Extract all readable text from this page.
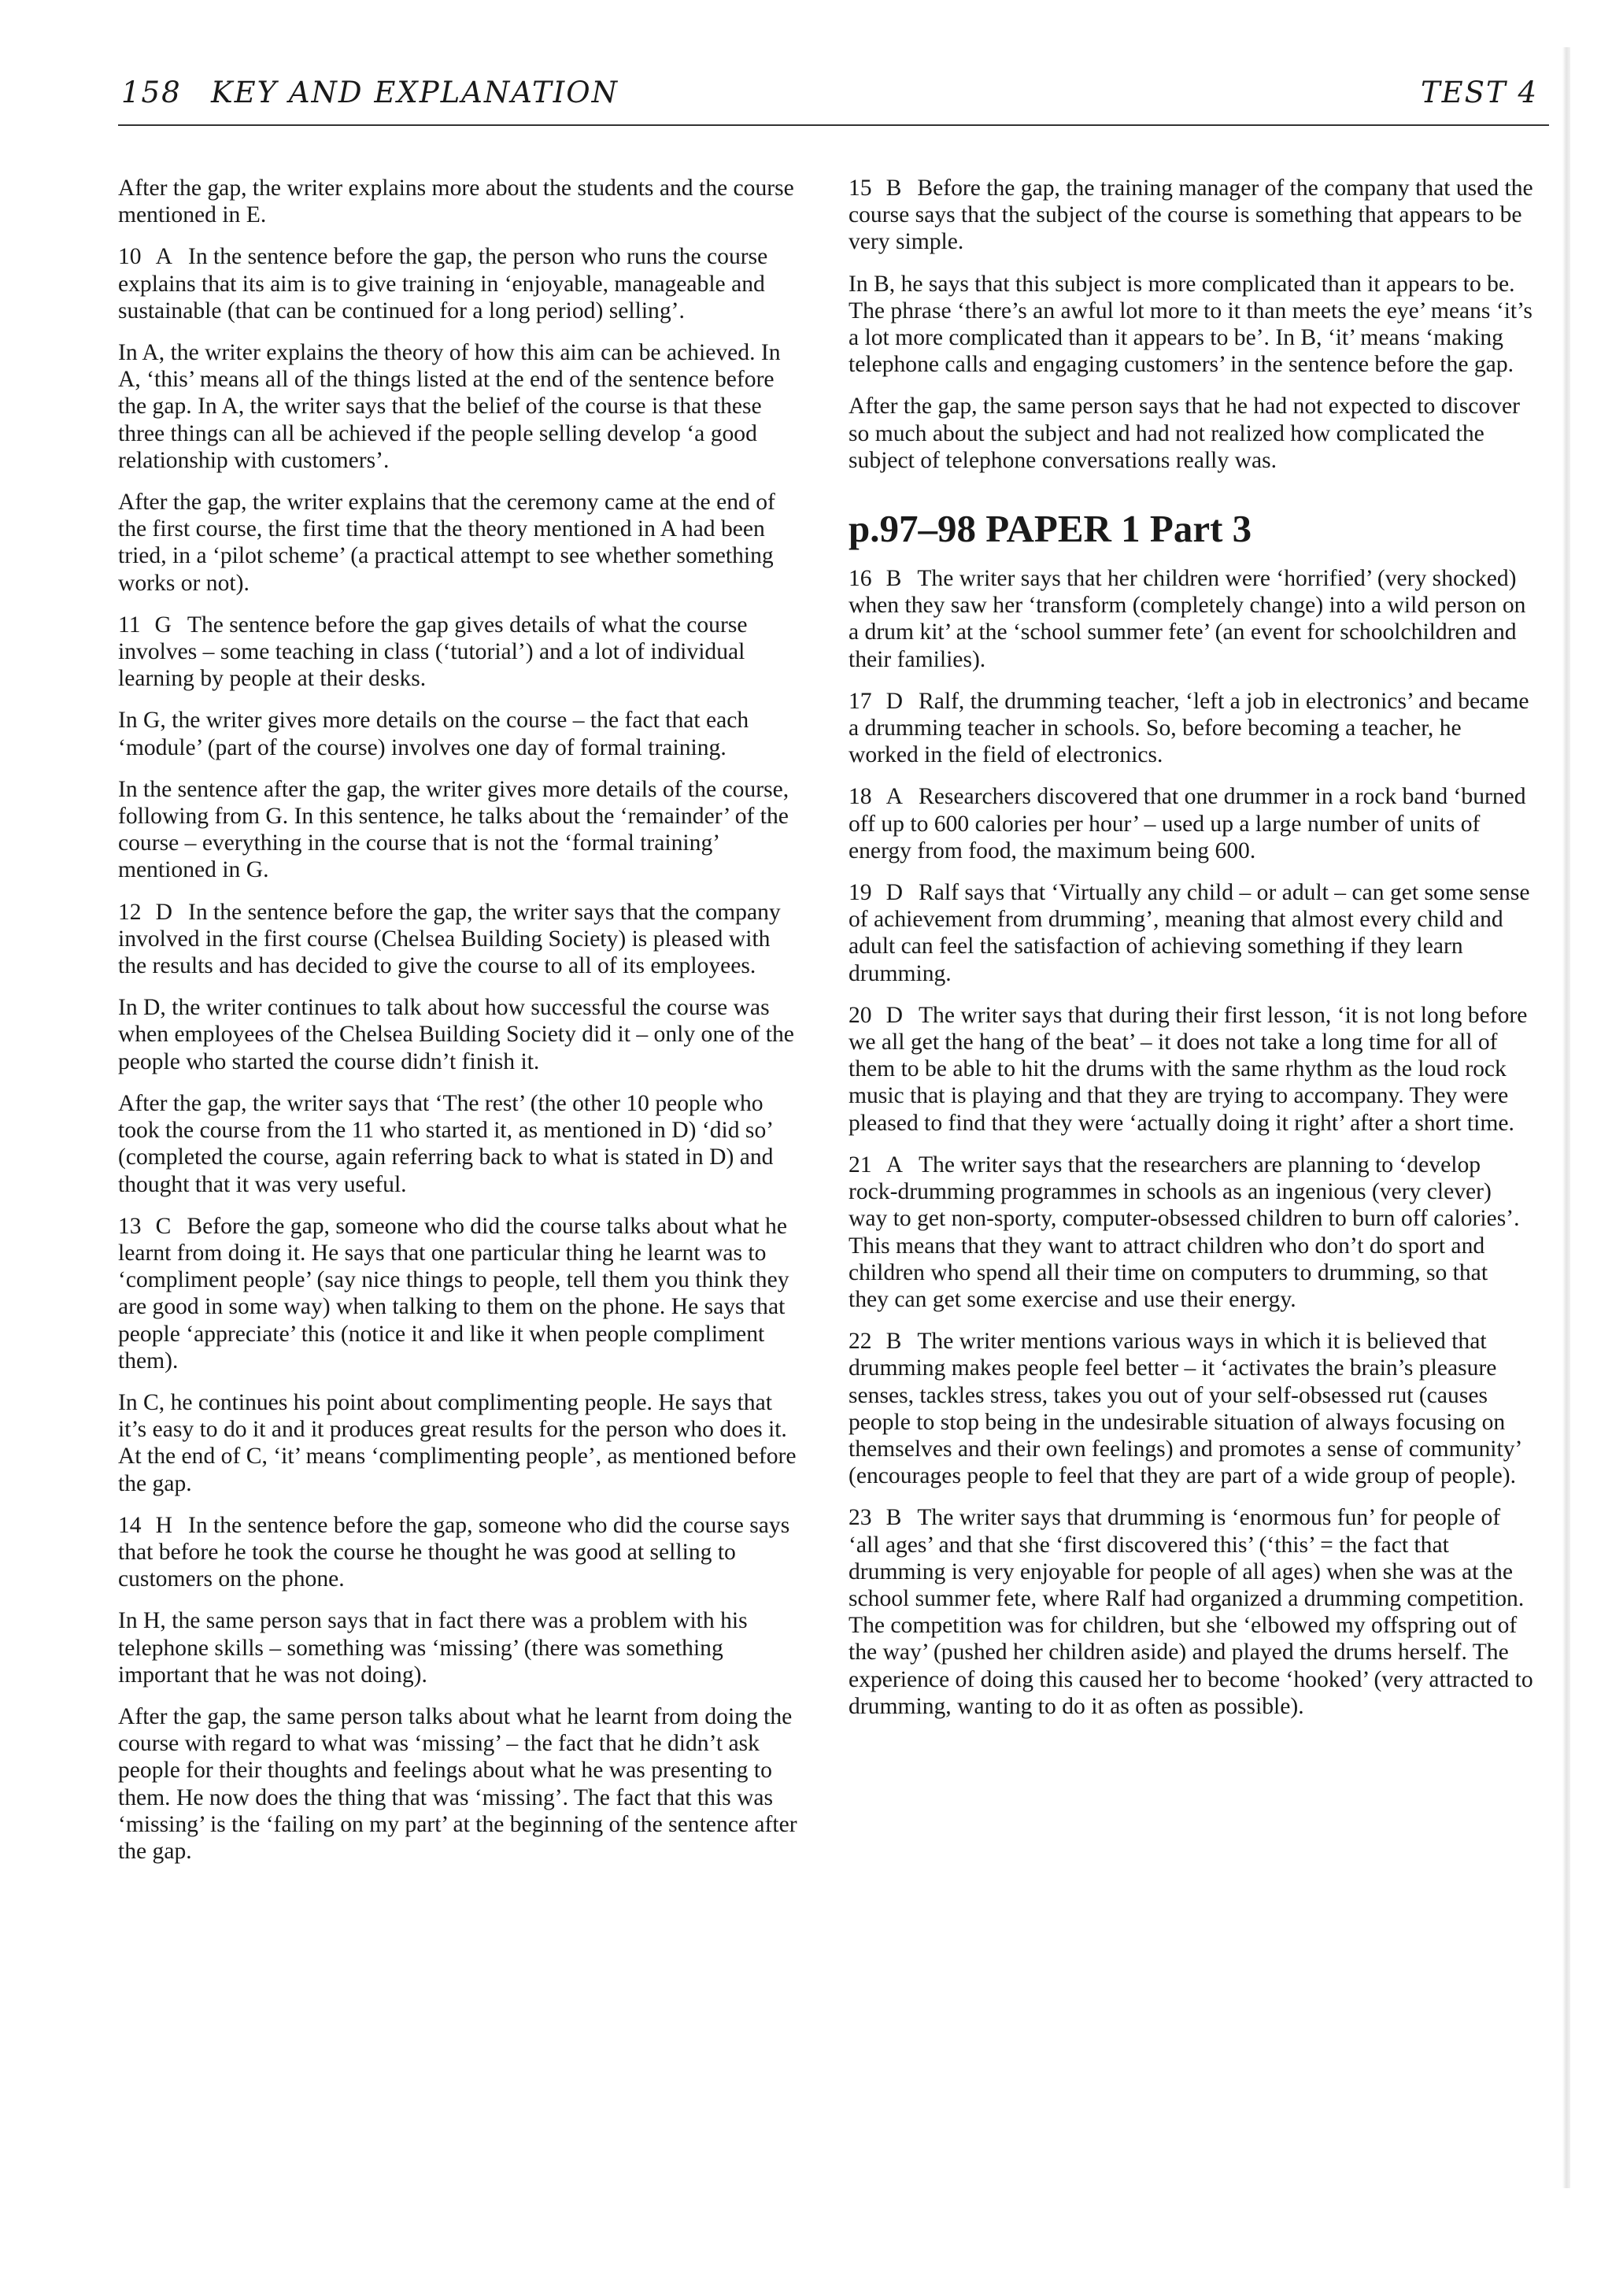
158 KEY AND EXPLANATION	TEST 4

After the gap, the writer explains more about the students and the course mentioned in E.

10 A In the sentence before the gap, the person who runs the course explains that its aim is to give training in ‘enjoyable, manageable and sustainable (that can be continued for a long period) selling’.

In A, the writer explains the theory of how this aim can be achieved. In A, ‘this’ means all of the things listed at the end of the sentence before the gap. In A, the writer says that the belief of the course is that these three things can all be achieved if the people selling develop ‘a good relationship with customers’.

After the gap, the writer explains that the ceremony came at the end of the first course, the first time that the theory mentioned in A had been tried, in a ‘pilot scheme’ (a practical attempt to see whether something works or not).

11 G The sentence before the gap gives details of what the course involves – some teaching in class (‘tutorial’) and a lot of individual learning by people at their desks.

In G, the writer gives more details on the course – the fact that each ‘module’ (part of the course) involves one day of formal training.

In the sentence after the gap, the writer gives more details of the course, following from G. In this sentence, he talks about the ‘remainder’ of the course – everything in the course that is not the ‘formal training’ mentioned in G.

12 D In the sentence before the gap, the writer says that the company involved in the first course (Chelsea Building Society) is pleased with the results and has decided to give the course to all of its employees.

In D, the writer continues to talk about how successful the course was when employees of the Chelsea Building Society did it – only one of the people who started the course didn’t finish it.

After the gap, the writer says that ‘The rest’ (the other 10 people who took the course from the 11 who started it, as mentioned in D) ‘did so’ (completed the course, again referring back to what is stated in D) and thought that it was very useful.

13 C Before the gap, someone who did the course talks about what he learnt from doing it. He says that one particular thing he learnt was to ‘compliment people’ (say nice things to people, tell them you think they are good in some way) when talking to them on the phone. He says that people ‘appreciate’ this (notice it and like it when people compliment them).

In C, he continues his point about complimenting people. He says that it’s easy to do it and it produces great results for the person who does it. At the end of C, ‘it’ means ‘complimenting people’, as mentioned before the gap.

14 H In the sentence before the gap, someone who did the course says that before he took the course he thought he was good at selling to customers on the phone.

In H, the same person says that in fact there was a problem with his telephone skills – something was ‘missing’ (there was something important that he was not doing).

After the gap, the same person talks about what he learnt from doing the course with regard to what was ‘missing’ – the fact that he didn’t ask people for their thoughts and feelings about what he was presenting to them. He now does the thing that was ‘missing’. The fact that this was ‘missing’ is the ‘failing on my part’ at the beginning of the sentence after the gap.

15 B Before the gap, the training manager of the company that used the course says that the subject of the course is something that appears to be very simple.

In B, he says that this subject is more complicated than it appears to be. The phrase ‘there’s an awful lot more to it than meets the eye’ means ‘it’s a lot more complicated than it appears to be’. In B, ‘it’ means ‘making telephone calls and engaging customers’ in the sentence before the gap.

After the gap, the same person says that he had not expected to discover so much about the subject and had not realized how complicated the subject of telephone conversations really was.

p.97–98 PAPER 1 Part 3

16 B The writer says that her children were ‘horrified’ (very shocked) when they saw her ‘transform (completely change) into a wild person on a drum kit’ at the ‘school summer fete’ (an event for schoolchildren and their families).

17 D Ralf, the drumming teacher, ‘left a job in electronics’ and became a drumming teacher in schools. So, before becoming a teacher, he worked in the field of electronics.

18 A Researchers discovered that one drummer in a rock band ‘burned off up to 600 calories per hour’ – used up a large number of units of energy from food, the maximum being 600.

19 D Ralf says that ‘Virtually any child – or adult – can get some sense of achievement from drumming’, meaning that almost every child and adult can feel the satisfaction of achieving something if they learn drumming.

20 D The writer says that during their first lesson, ‘it is not long before we all get the hang of the beat’ – it does not take a long time for all of them to be able to hit the drums with the same rhythm as the loud rock music that is playing and that they are trying to accompany. They were pleased to find that they were ‘actually doing it right’ after a short time.

21 A The writer says that the researchers are planning to ‘develop rock-drumming programmes in schools as an ingenious (very clever) way to get non-sporty, computer-obsessed children to burn off calories’. This means that they want to attract children who don’t do sport and children who spend all their time on computers to drumming, so that they can get some exercise and use their energy.

22 B The writer mentions various ways in which it is believed that drumming makes people feel better – it ‘activates the brain’s pleasure senses, tackles stress, takes you out of your self-obsessed rut (causes people to stop being in the undesirable situation of always focusing on themselves and their own feelings) and promotes a sense of community’ (encourages people to feel that they are part of a wide group of people).

23 B The writer says that drumming is ‘enormous fun’ for people of ‘all ages’ and that she ‘first discovered this’ (‘this’ = the fact that drumming is very enjoyable for people of all ages) when she was at the school summer fete, where Ralf had organized a drumming competition. The competition was for children, but she ‘elbowed my offspring out of the way’ (pushed her children aside) and played the drums herself. The experience of doing this caused her to become ‘hooked’ (very attracted to drumming, wanting to do it as often as possible).
